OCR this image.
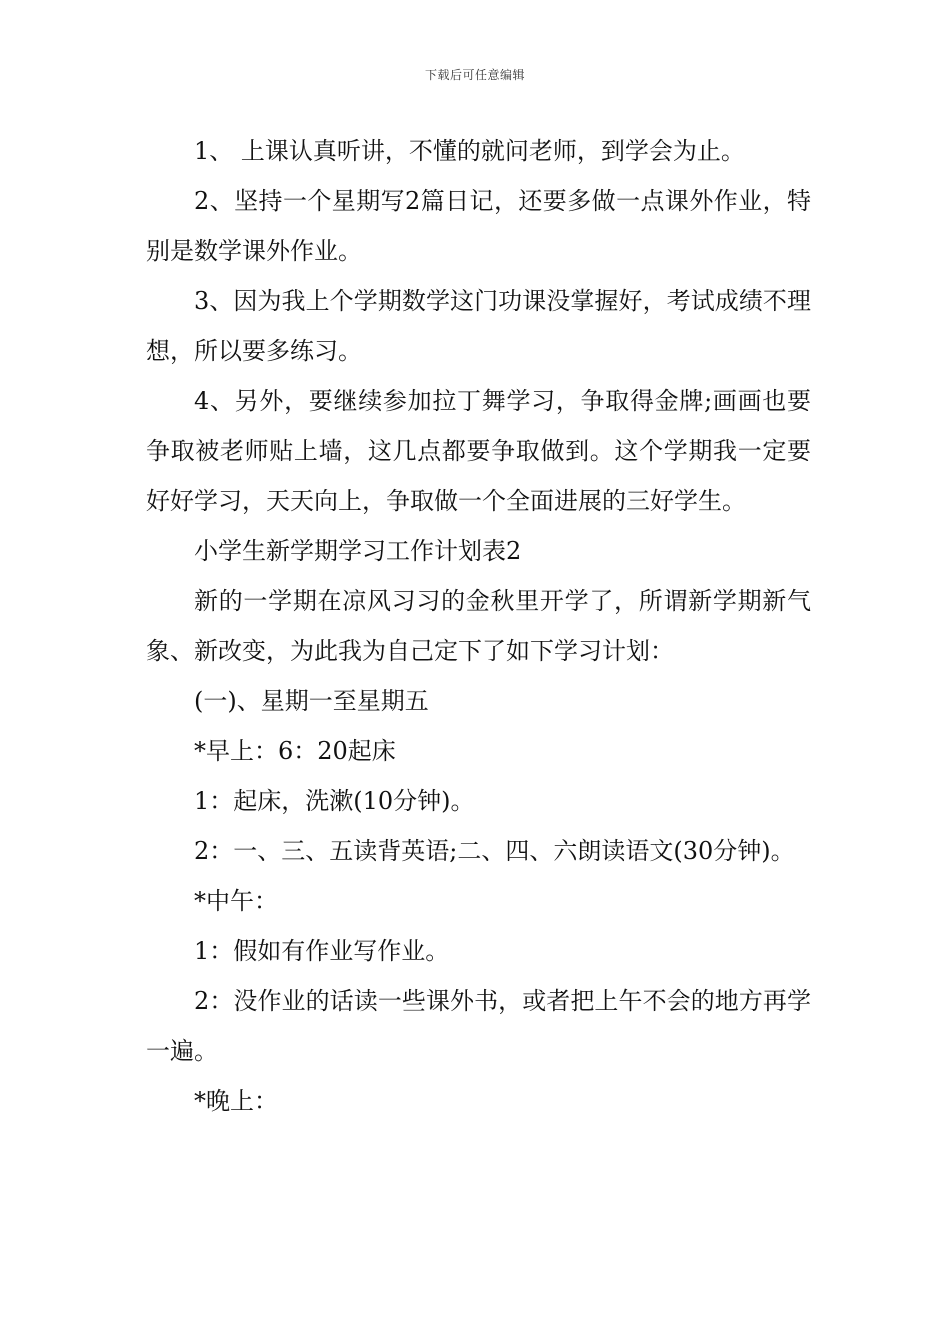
下载后可任意编辑

1、 上课认真听讲，不懂的就问老师，到学会为止。

2、坚持一个星期写2篇日记，还要多做一点课外作业，特别是数学课外作业。

3、因为我上个学期数学这门功课没掌握好，考试成绩不理想，所以要多练习。

4、另外，要继续参加拉丁舞学习，争取得金牌;画画也要争取被老师贴上墙，这几点都要争取做到。这个学期我一定要好好学习，天天向上，争取做一个全面进展的三好学生。

小学生新学期学习工作计划表2

新的一学期在凉风习习的金秋里开学了，所谓新学期新气象、新改变，为此我为自己定下了如下学习计划：

(一)、星期一至星期五

*早上：6：20起床

1：起床，洗漱(10分钟)。

2：一、三、五读背英语;二、四、六朗读语文(30分钟)。

*中午：

1：假如有作业写作业。

2：没作业的话读一些课外书，或者把上午不会的地方再学一遍。

*晚上：
